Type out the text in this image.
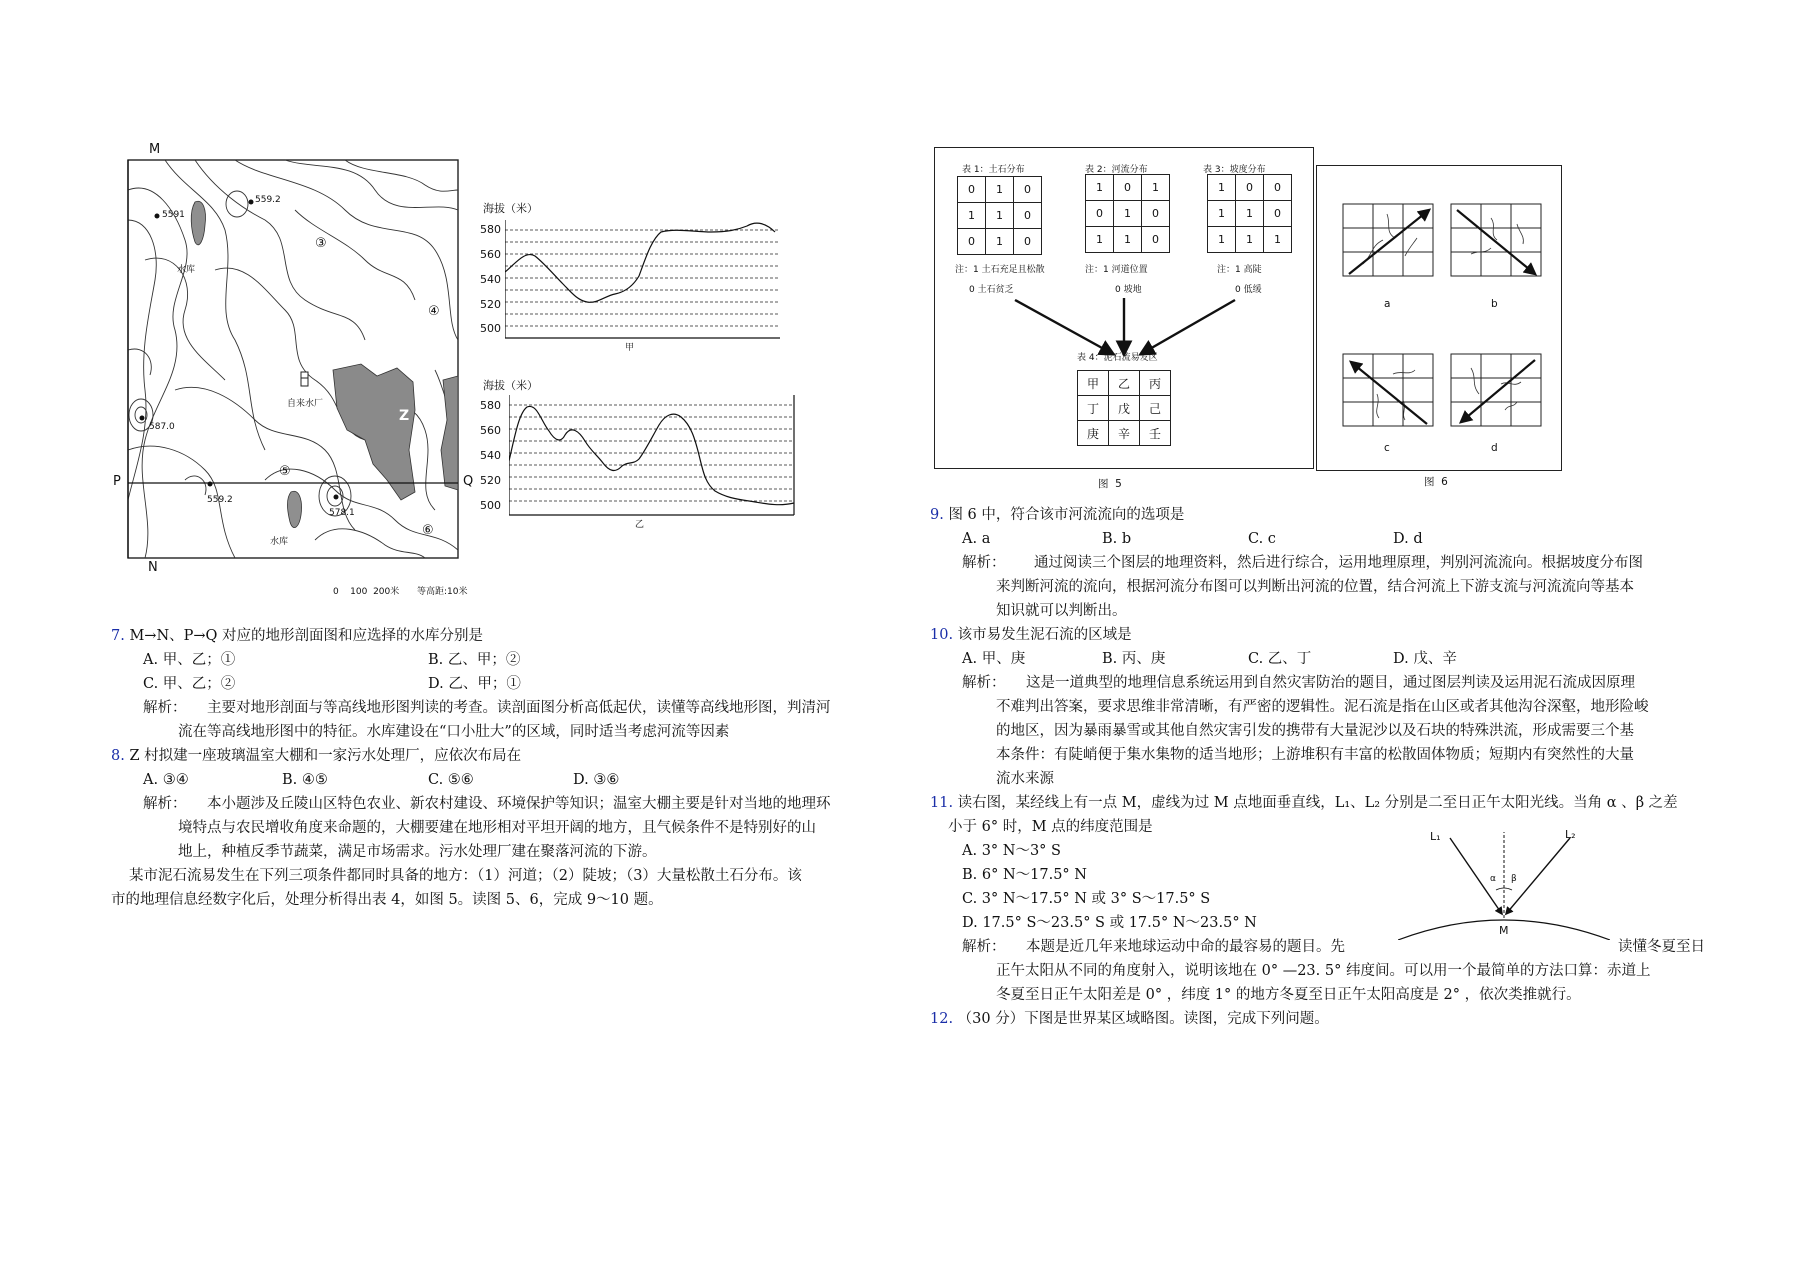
M
N
P	Q
5591
559.2
587.0
559.2
578.1
水库
水库
自来水厂
Z
③
④
⑤
⑥
0    100  200米 等高距:10米
海拔（米）
580
560
540
520
500
甲
海拔（米）
580
560
540
520
500
乙
表 1：土石分布	表 2：河流分布	表 3：坡度分布
0	1	0
1	1	0
0	1	0
1	0	1
0	1	0
1	1	0
1	0	0
1	1	0
1	1	1
注：1 土石充足且松散
0 土石贫乏
注：1 河道位置
0 坡地
注：1 高陡
0 低缓
表 4：泥石流易发区
甲	乙	丙
丁	戊	己
庚	辛	壬
图  5
a	b
c	d
图  6
7. M→N、P→Q 对应的地形剖面图和应选择的水库分别是
A. 甲、乙；①	B. 乙、甲；②
C. 甲、乙；②	D. 乙、甲；①
解析： 主要对地形剖面与等高线地形图判读的考查。读剖面图分析高低起伏，读懂等高线地形图，判清河
流在等高线地形图中的特征。水库建设在“口小肚大”的区域，同时适当考虑河流等因素
8. Z 村拟建一座玻璃温室大棚和一家污水处理厂，应依次布局在
A. ③④	B. ④⑤	C. ⑤⑥	D. ③⑥
解析： 本小题涉及丘陵山区特色农业、新农村建设、环境保护等知识；温室大棚主要是针对当地的地理环
境特点与农民增收角度来命题的，大棚要建在地形相对平坦开阔的地方，且气候条件不是特别好的山
地上，种植反季节蔬菜，满足市场需求。污水处理厂建在聚落河流的下游。
某市泥石流易发生在下列三项条件都同时具备的地方：（1）河道；（2）陡坡；（3）大量松散土石分布。该
市的地理信息经数字化后，处理分析得出表 4，如图 5。读图 5、6，完成 9～10 题。
9. 图 6 中，符合该市河流流向的选项是
A. a	B. b	C. c	D. d
解析： 通过阅读三个图层的地理资料，然后进行综合，运用地理原理，判别河流流向。根据坡度分布图
来判断河流的流向，根据河流分布图可以判断出河流的位置，结合河流上下游支流与河流流向等基本
知识就可以判断出。
10. 该市易发生泥石流的区域是
A. 甲、庚	B. 丙、庚	C. 乙、丁	D. 戊、辛
解析： 这是一道典型的地理信息系统运用到自然灾害防治的题目，通过图层判读及运用泥石流成因原理
不难判出答案，要求思维非常清晰，有严密的逻辑性。泥石流是指在山区或者其他沟谷深壑，地形险峻
的地区，因为暴雨暴雪或其他自然灾害引发的携带有大量泥沙以及石块的特殊洪流，形成需要三个基
本条件：有陡峭便于集水集物的适当地形；上游堆积有丰富的松散固体物质；短期内有突然性的大量
流水来源
11. 读右图，某经线上有一点 M，虚线为过 M 点地面垂直线，L₁、L₂ 分别是二至日正午太阳光线。当角 α 、β 之差
小于 6° 时，M 点的纬度范围是
A. 3° N～3° S
B. 6° N～17.5° N
C. 3° N～17.5° N 或 3° S～17.5° S
D. 17.5° S～23.5° S 或 17.5° N～23.5° N
解析： 本题是近几年来地球运动中命的最容易的题目。先	读懂冬夏至日
正午太阳从不同的角度射入，说明该地在 0° —23. 5° 纬度间。可以用一个最简单的方法口算：赤道上
冬夏至日正午太阳差是 0° ，纬度 1° 的地方冬夏至日正午太阳高度是 2° ，依次类推就行。
L₁	L₂
α β
M
12. （30 分）下图是世界某区域略图。读图，完成下列问题。
